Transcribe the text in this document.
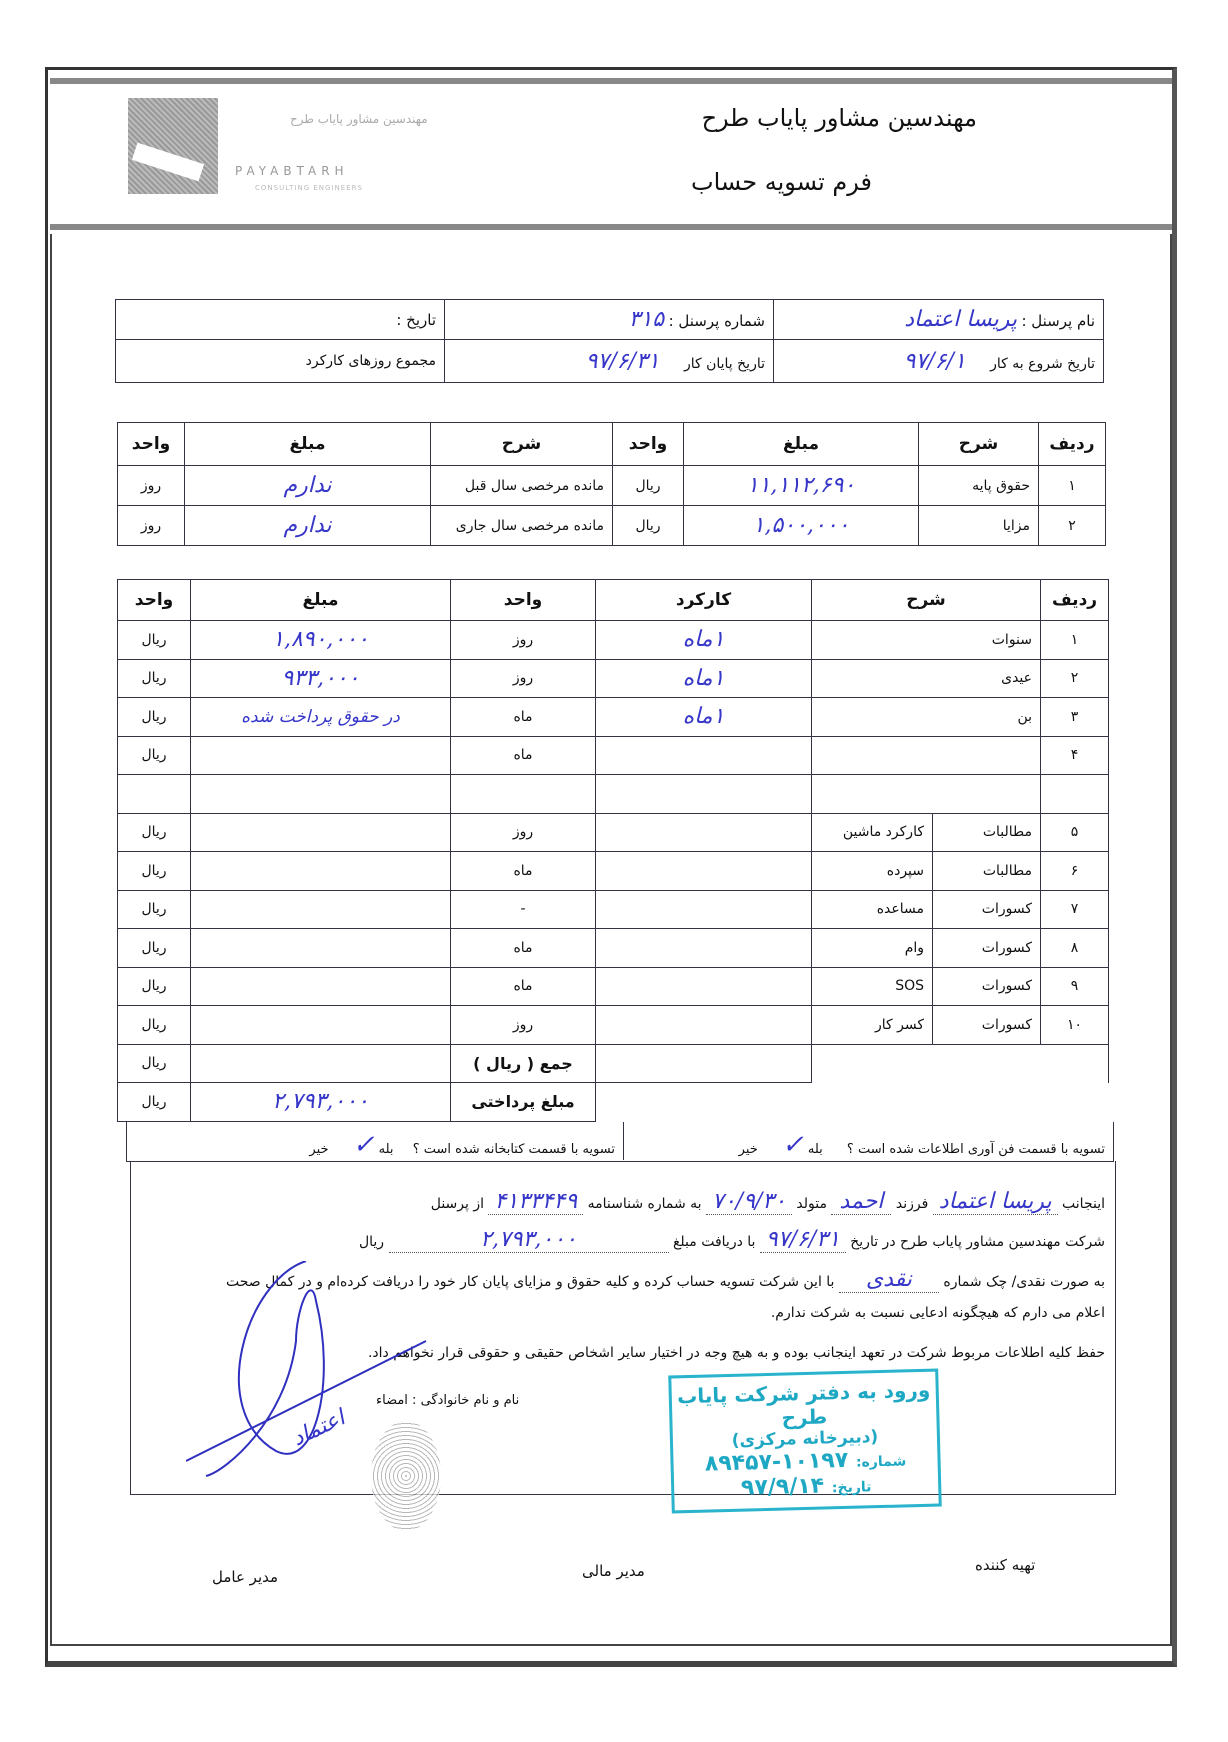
مهندسین مشاور پایاب طرح
PAYABTARH
CONSULTING ENGINEERS
مهندسین مشاور پایاب طرح
فرم تسویه حساب
نام پرسنل : پریسا اعتماد	شماره پرسنل : ۳۱۵	تاریخ :
تاریخ شروع به کار ۹۷/۶/۱	تاریخ پایان کار ۹۷/۶/۳۱	مجموع روزهای کارکرد
ردیف	شرح	مبلغ	واحد	شرح	مبلغ	واحد
۱	حقوق پایه	۱۱,۱۱۲,۶۹۰	ریال	مانده مرخصی سال قبل	ندارم	روز
۲	مزایا	۱,۵۰۰,۰۰۰	ریال	مانده مرخصی سال جاری	ندارم	روز
ردیف	شرح		کارکرد	واحد	مبلغ	واحد
۱	سنوات		۱ماه	روز	۱,۸۹۰,۰۰۰	ریال
۲	عیدی		۱ماه	روز	۹۳۳,۰۰۰	ریال
۳	بن		۱ماه	ماه	در حقوق پرداخت شده	ریال
۴				ماه		ریال

۵	مطالبات	کارکرد ماشین		روز		ریال
۶	مطالبات	سپرده		ماه		ریال
۷	کسورات	مساعده		-		ریال
۸	کسورات	وام		ماه		ریال
۹	کسورات	SOS		ماه		ریال
۱۰	کسورات	کسر کار		روز		ریال
				جمع ( ریال )		ریال
				مبلغ پرداختی	۲,۷۹۳,۰۰۰	ریال
تسویه با قسمت فن آوری اطلاعات شده است ؟ بله ✓ خیر
تسویه با قسمت کتابخانه شده است ؟ بله ✓ خیر
اینجانب پریسا اعتماد فرزند احمد متولد ۷۰/۹/۳۰ به شماره شناسنامه ۴۱۳۳۴۴۹ از پرسنل
شرکت مهندسین مشاور پایاب طرح در تاریخ ۹۷/۶/۳۱ با دریافت مبلغ ۲,۷۹۳,۰۰۰ ریال
به صورت نقدی/ چک شماره نقدی با این شرکت تسویه حساب کرده و کلیه حقوق و مزایای پایان کار خود را دریافت کرده‌ام و در کمال صحت
اعلام می دارم که هیچگونه ادعایی نسبت به شرکت ندارم.
حفظ کلیه اطلاعات مربوط شرکت در تعهد اینجانب بوده و به هیچ وجه در اختیار سایر اشخاص حقیقی و حقوقی قرار نخواهم داد.
نام و نام خانوادگی : امضاء
اعتماد
ورود به دفتر شرکت پایاب طرح
(دبیرخانه مرکزی)
شماره: ۱۰۱۹۷-۸۹۴۵۷
تاریخ: ۹۷/۹/۱۴
تهیه کننده
مدیر مالی
مدیر عامل
